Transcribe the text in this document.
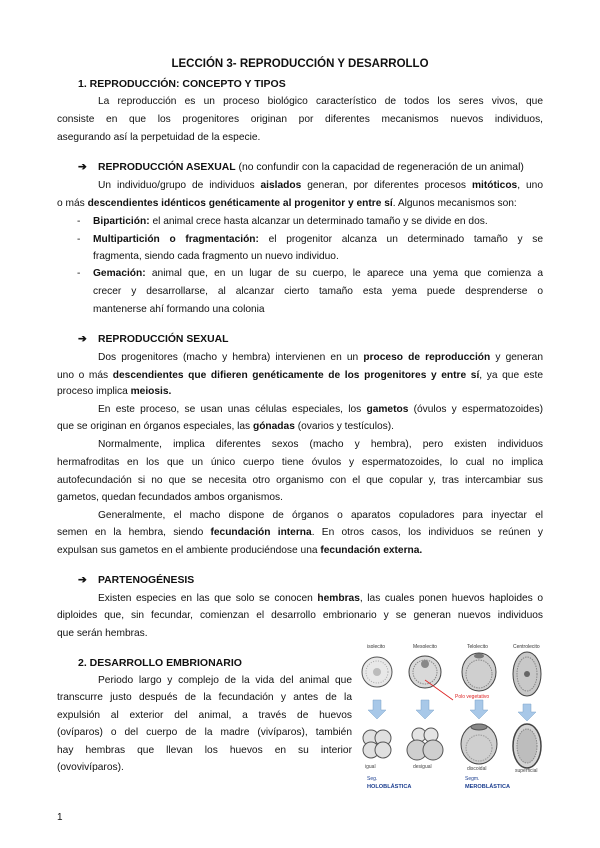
LECCIÓN 3- REPRODUCCIÓN Y DESARROLLO
1. REPRODUCCIÓN: CONCEPTO Y TIPOS
La reproducción es un proceso biológico característico de todos los seres vivos, que
consiste en que los progenitores originan por diferentes mecanismos nuevos individuos,
asegurando así la perpetuidad de la especie.
➔ REPRODUCCIÓN ASEXUAL (no confundir con la capacidad de regeneración de un animal)
Un individuo/grupo de individuos aislados generan, por diferentes procesos mitóticos, uno
o más descendientes idénticos genéticamente al progenitor y entre sí. Algunos mecanismos son:
- Bipartición: el animal crece hasta alcanzar un determinado tamaño y se divide en dos.
- Multipartición o fragmentación: el progenitor alcanza un determinado tamaño y se
fragmenta, siendo cada fragmento un nuevo individuo.
- Gemación: animal que, en un lugar de su cuerpo, le aparece una yema que comienza a
crecer y desarrollarse, al alcanzar cierto tamaño esta yema puede desprenderse o
mantenerse ahí formando una colonia
➔ REPRODUCCIÓN SEXUAL
Dos progenitores (macho y hembra) intervienen en un proceso de reproducción y generan
uno o más descendientes que difieren genéticamente de los progenitores y entre sí, ya que este
proceso implica meiosis.
En este proceso, se usan unas células especiales, los gametos (óvulos y espermatozoides)
que se originan en órganos especiales, las gónadas (ovarios y testículos).
Normalmente, implica diferentes sexos (macho y hembra), pero existen individuos
hermafroditas en los que un único cuerpo tiene óvulos y espermatozoides, lo cual no implica
autofecundación si no que se necesita otro organismo con el que copular y, tras intercambiar sus
gametos, quedan fecundados ambos organismos.
Generalmente, el macho dispone de órganos o aparatos copuladores para inyectar el
semen en la hembra, siendo fecundación interna. En otros casos, los individuos se reúnen y
expulsan sus gametos en el ambiente produciéndose una fecundación externa.
➔ PARTENOGÉNESIS
Existen especies en las que solo se conocen hembras, las cuales ponen huevos haploides o
diploides que, sin fecundar, comienzan el desarrollo embrionario y se generan nuevos individuos
que serán hembras.
2. DESARROLLO EMBRIONARIO
Periodo largo y complejo de la vida del animal que
transcurre justo después de la fecundación y antes de la
expulsión al exterior del animal, a través de huevos
(ovíparos) o del cuerpo de la madre (vivíparos), también
hay hembras que llevan los huevos en su interior
(ovovivíparos).
isolecito	Mesolecito	Telolecito	Centrolecito
Polo vegetativo
igual	desigual	discoidal	superficial
Seg.
HOLOBLÁSTICA
Segm.
MEROBLÁSTICA
1
